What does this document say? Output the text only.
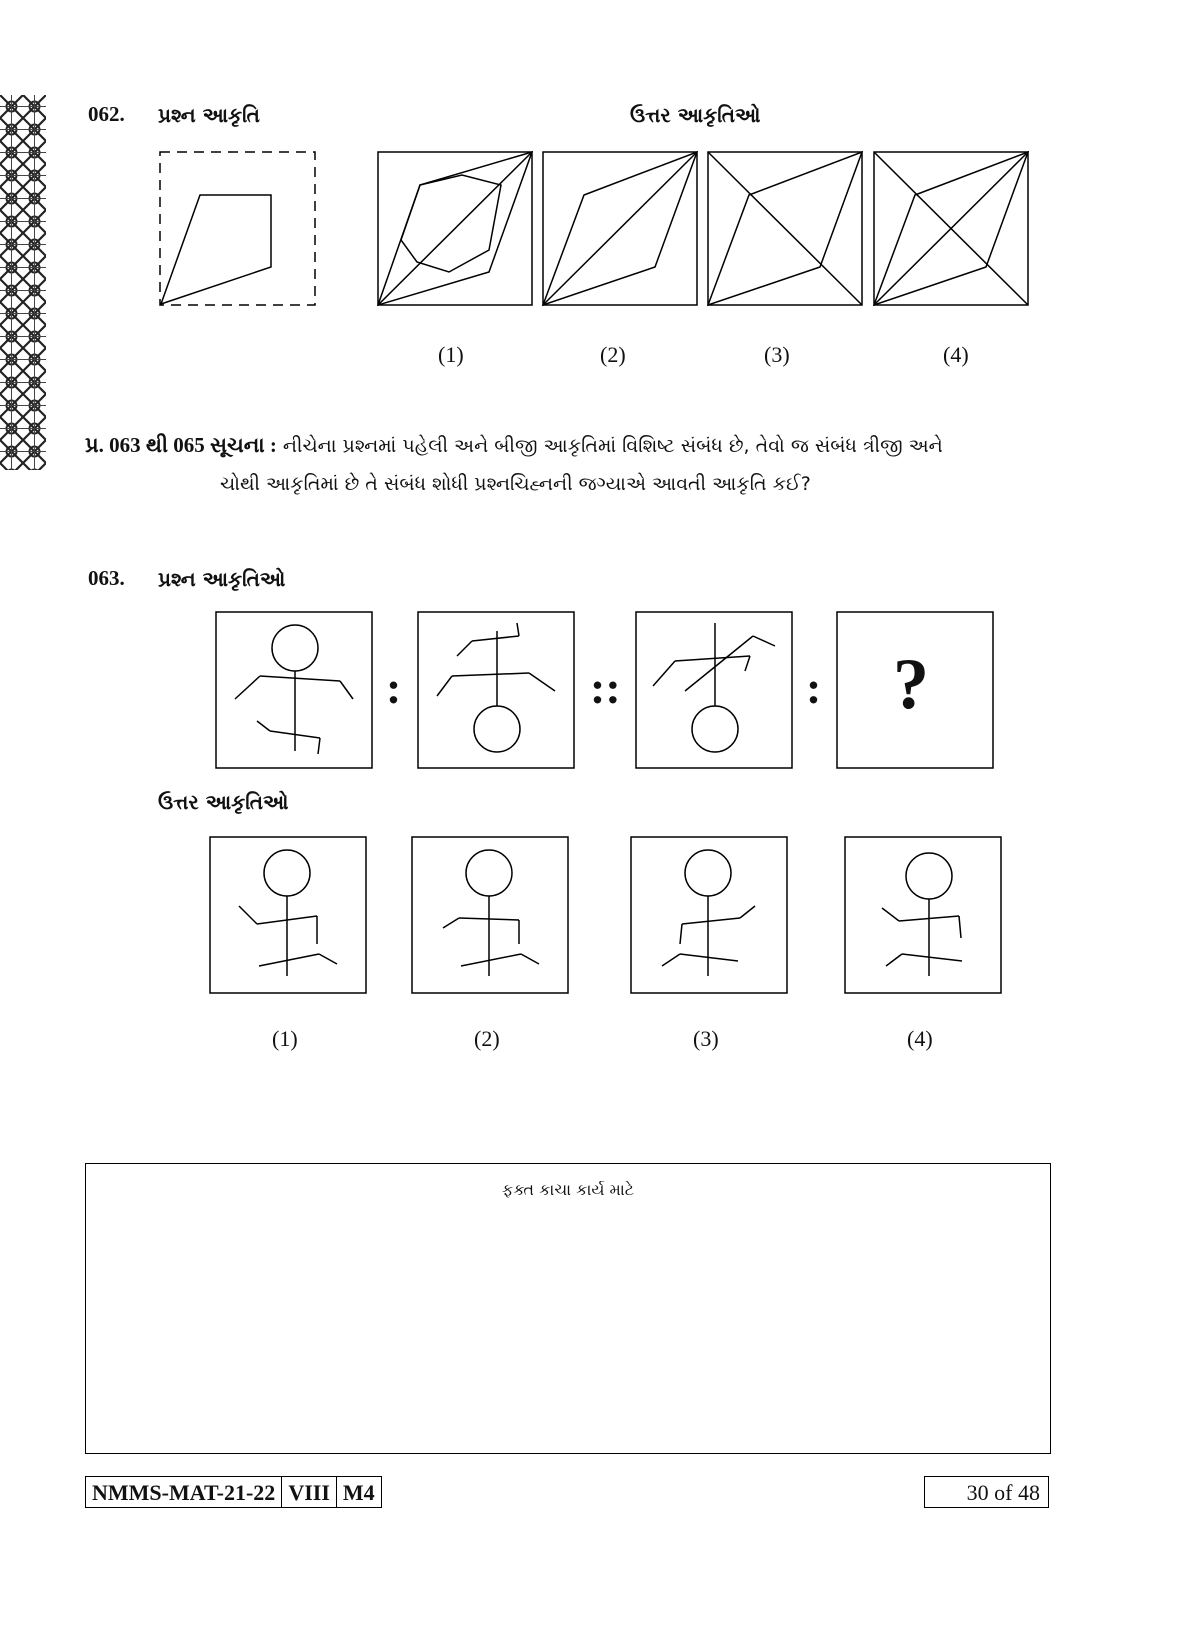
062. પ્રશ્ન આકૃતિ	ઉત્તર આકૃતિઓ
(1)	(2)	(3)	(4)
પ્ર. 063 થી 065 સૂચના : નીચેના પ્રશ્નમાં પહેલી અને બીજી આકૃતિમાં વિશિષ્ટ સંબંધ છે, તેવો જ સંબંધ ત્રીજી અને
ચોથી આકૃતિમાં છે તે સંબંધ શોધી પ્રશ્નચિહ્નની જગ્યાએ આવતી આકૃતિ કઈ?
063. પ્રશ્ન આકૃતિઓ
:	::	: ?
ઉત્તર આકૃતિઓ
(1)	(2)	(3)	(4)
ફક્ત કાચા કાર્ય માટે
NMMS-MAT-21-22 VIII M4	30 of 48
